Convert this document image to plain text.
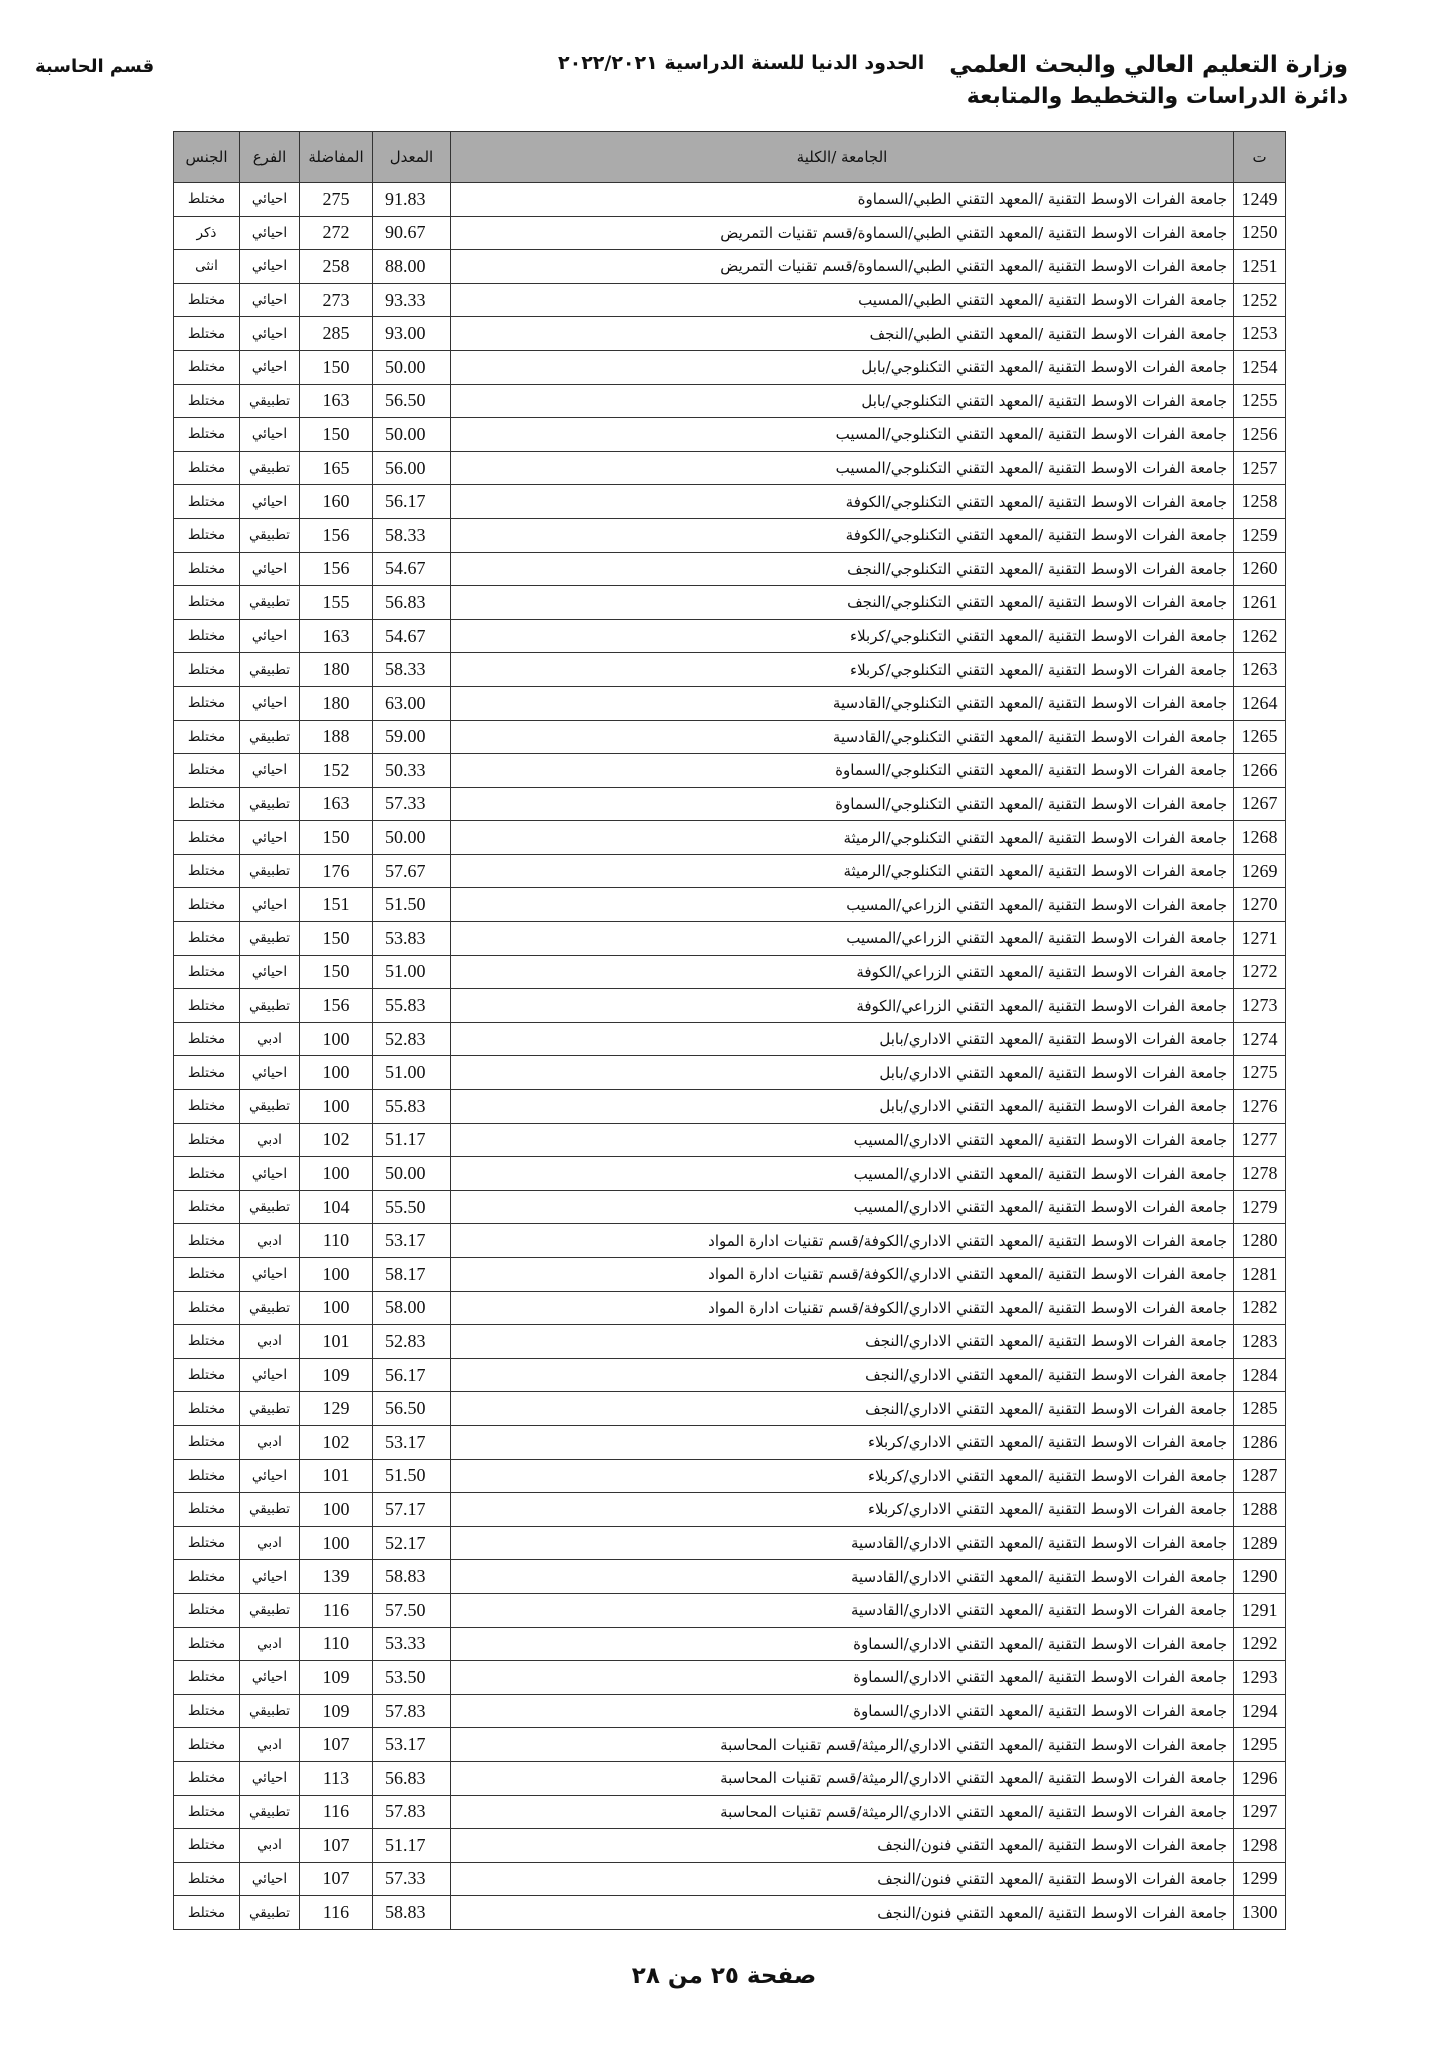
وزارة التعليم العالي والبحث العلمي
دائرة الدراسات والتخطيط والمتابعة
الحدود الدنيا للسنة الدراسية ٢٠٢٢/٢٠٢١
قسم الحاسبة
ت	الجامعة /الكلية	المعدل	المفاضلة	الفرع	الجنس
1249	جامعة الفرات الاوسط التقنية /المعهد التقني الطبي/السماوة	91.83	275	احيائي	مختلط
1250	جامعة الفرات الاوسط التقنية /المعهد التقني الطبي/السماوة/قسم تقنيات التمريض	90.67	272	احيائي	ذكر
1251	جامعة الفرات الاوسط التقنية /المعهد التقني الطبي/السماوة/قسم تقنيات التمريض	88.00	258	احيائي	انثى
1252	جامعة الفرات الاوسط التقنية /المعهد التقني الطبي/المسيب	93.33	273	احيائي	مختلط
1253	جامعة الفرات الاوسط التقنية /المعهد التقني الطبي/النجف	93.00	285	احيائي	مختلط
1254	جامعة الفرات الاوسط التقنية /المعهد التقني التكنلوجي/بابل	50.00	150	احيائي	مختلط
1255	جامعة الفرات الاوسط التقنية /المعهد التقني التكنلوجي/بابل	56.50	163	تطبيقي	مختلط
1256	جامعة الفرات الاوسط التقنية /المعهد التقني التكنلوجي/المسيب	50.00	150	احيائي	مختلط
1257	جامعة الفرات الاوسط التقنية /المعهد التقني التكنلوجي/المسيب	56.00	165	تطبيقي	مختلط
1258	جامعة الفرات الاوسط التقنية /المعهد التقني التكنلوجي/الكوفة	56.17	160	احيائي	مختلط
1259	جامعة الفرات الاوسط التقنية /المعهد التقني التكنلوجي/الكوفة	58.33	156	تطبيقي	مختلط
1260	جامعة الفرات الاوسط التقنية /المعهد التقني التكنلوجي/النجف	54.67	156	احيائي	مختلط
1261	جامعة الفرات الاوسط التقنية /المعهد التقني التكنلوجي/النجف	56.83	155	تطبيقي	مختلط
1262	جامعة الفرات الاوسط التقنية /المعهد التقني التكنلوجي/كربلاء	54.67	163	احيائي	مختلط
1263	جامعة الفرات الاوسط التقنية /المعهد التقني التكنلوجي/كربلاء	58.33	180	تطبيقي	مختلط
1264	جامعة الفرات الاوسط التقنية /المعهد التقني التكنلوجي/القادسية	63.00	180	احيائي	مختلط
1265	جامعة الفرات الاوسط التقنية /المعهد التقني التكنلوجي/القادسية	59.00	188	تطبيقي	مختلط
1266	جامعة الفرات الاوسط التقنية /المعهد التقني التكنلوجي/السماوة	50.33	152	احيائي	مختلط
1267	جامعة الفرات الاوسط التقنية /المعهد التقني التكنلوجي/السماوة	57.33	163	تطبيقي	مختلط
1268	جامعة الفرات الاوسط التقنية /المعهد التقني التكنلوجي/الرميثة	50.00	150	احيائي	مختلط
1269	جامعة الفرات الاوسط التقنية /المعهد التقني التكنلوجي/الرميثة	57.67	176	تطبيقي	مختلط
1270	جامعة الفرات الاوسط التقنية /المعهد التقني الزراعي/المسيب	51.50	151	احيائي	مختلط
1271	جامعة الفرات الاوسط التقنية /المعهد التقني الزراعي/المسيب	53.83	150	تطبيقي	مختلط
1272	جامعة الفرات الاوسط التقنية /المعهد التقني الزراعي/الكوفة	51.00	150	احيائي	مختلط
1273	جامعة الفرات الاوسط التقنية /المعهد التقني الزراعي/الكوفة	55.83	156	تطبيقي	مختلط
1274	جامعة الفرات الاوسط التقنية /المعهد التقني الاداري/بابل	52.83	100	ادبي	مختلط
1275	جامعة الفرات الاوسط التقنية /المعهد التقني الاداري/بابل	51.00	100	احيائي	مختلط
1276	جامعة الفرات الاوسط التقنية /المعهد التقني الاداري/بابل	55.83	100	تطبيقي	مختلط
1277	جامعة الفرات الاوسط التقنية /المعهد التقني الاداري/المسيب	51.17	102	ادبي	مختلط
1278	جامعة الفرات الاوسط التقنية /المعهد التقني الاداري/المسيب	50.00	100	احيائي	مختلط
1279	جامعة الفرات الاوسط التقنية /المعهد التقني الاداري/المسيب	55.50	104	تطبيقي	مختلط
1280	جامعة الفرات الاوسط التقنية /المعهد التقني الاداري/الكوفة/قسم تقنيات ادارة المواد	53.17	110	ادبي	مختلط
1281	جامعة الفرات الاوسط التقنية /المعهد التقني الاداري/الكوفة/قسم تقنيات ادارة المواد	58.17	100	احيائي	مختلط
1282	جامعة الفرات الاوسط التقنية /المعهد التقني الاداري/الكوفة/قسم تقنيات ادارة المواد	58.00	100	تطبيقي	مختلط
1283	جامعة الفرات الاوسط التقنية /المعهد التقني الاداري/النجف	52.83	101	ادبي	مختلط
1284	جامعة الفرات الاوسط التقنية /المعهد التقني الاداري/النجف	56.17	109	احيائي	مختلط
1285	جامعة الفرات الاوسط التقنية /المعهد التقني الاداري/النجف	56.50	129	تطبيقي	مختلط
1286	جامعة الفرات الاوسط التقنية /المعهد التقني الاداري/كربلاء	53.17	102	ادبي	مختلط
1287	جامعة الفرات الاوسط التقنية /المعهد التقني الاداري/كربلاء	51.50	101	احيائي	مختلط
1288	جامعة الفرات الاوسط التقنية /المعهد التقني الاداري/كربلاء	57.17	100	تطبيقي	مختلط
1289	جامعة الفرات الاوسط التقنية /المعهد التقني الاداري/القادسية	52.17	100	ادبي	مختلط
1290	جامعة الفرات الاوسط التقنية /المعهد التقني الاداري/القادسية	58.83	139	احيائي	مختلط
1291	جامعة الفرات الاوسط التقنية /المعهد التقني الاداري/القادسية	57.50	116	تطبيقي	مختلط
1292	جامعة الفرات الاوسط التقنية /المعهد التقني الاداري/السماوة	53.33	110	ادبي	مختلط
1293	جامعة الفرات الاوسط التقنية /المعهد التقني الاداري/السماوة	53.50	109	احيائي	مختلط
1294	جامعة الفرات الاوسط التقنية /المعهد التقني الاداري/السماوة	57.83	109	تطبيقي	مختلط
1295	جامعة الفرات الاوسط التقنية /المعهد التقني الاداري/الرميثة/قسم تقنيات المحاسبة	53.17	107	ادبي	مختلط
1296	جامعة الفرات الاوسط التقنية /المعهد التقني الاداري/الرميثة/قسم تقنيات المحاسبة	56.83	113	احيائي	مختلط
1297	جامعة الفرات الاوسط التقنية /المعهد التقني الاداري/الرميثة/قسم تقنيات المحاسبة	57.83	116	تطبيقي	مختلط
1298	جامعة الفرات الاوسط التقنية /المعهد التقني فنون/النجف	51.17	107	ادبي	مختلط
1299	جامعة الفرات الاوسط التقنية /المعهد التقني فنون/النجف	57.33	107	احيائي	مختلط
1300	جامعة الفرات الاوسط التقنية /المعهد التقني فنون/النجف	58.83	116	تطبيقي	مختلط
صفحة ٢٥ من ٢٨
